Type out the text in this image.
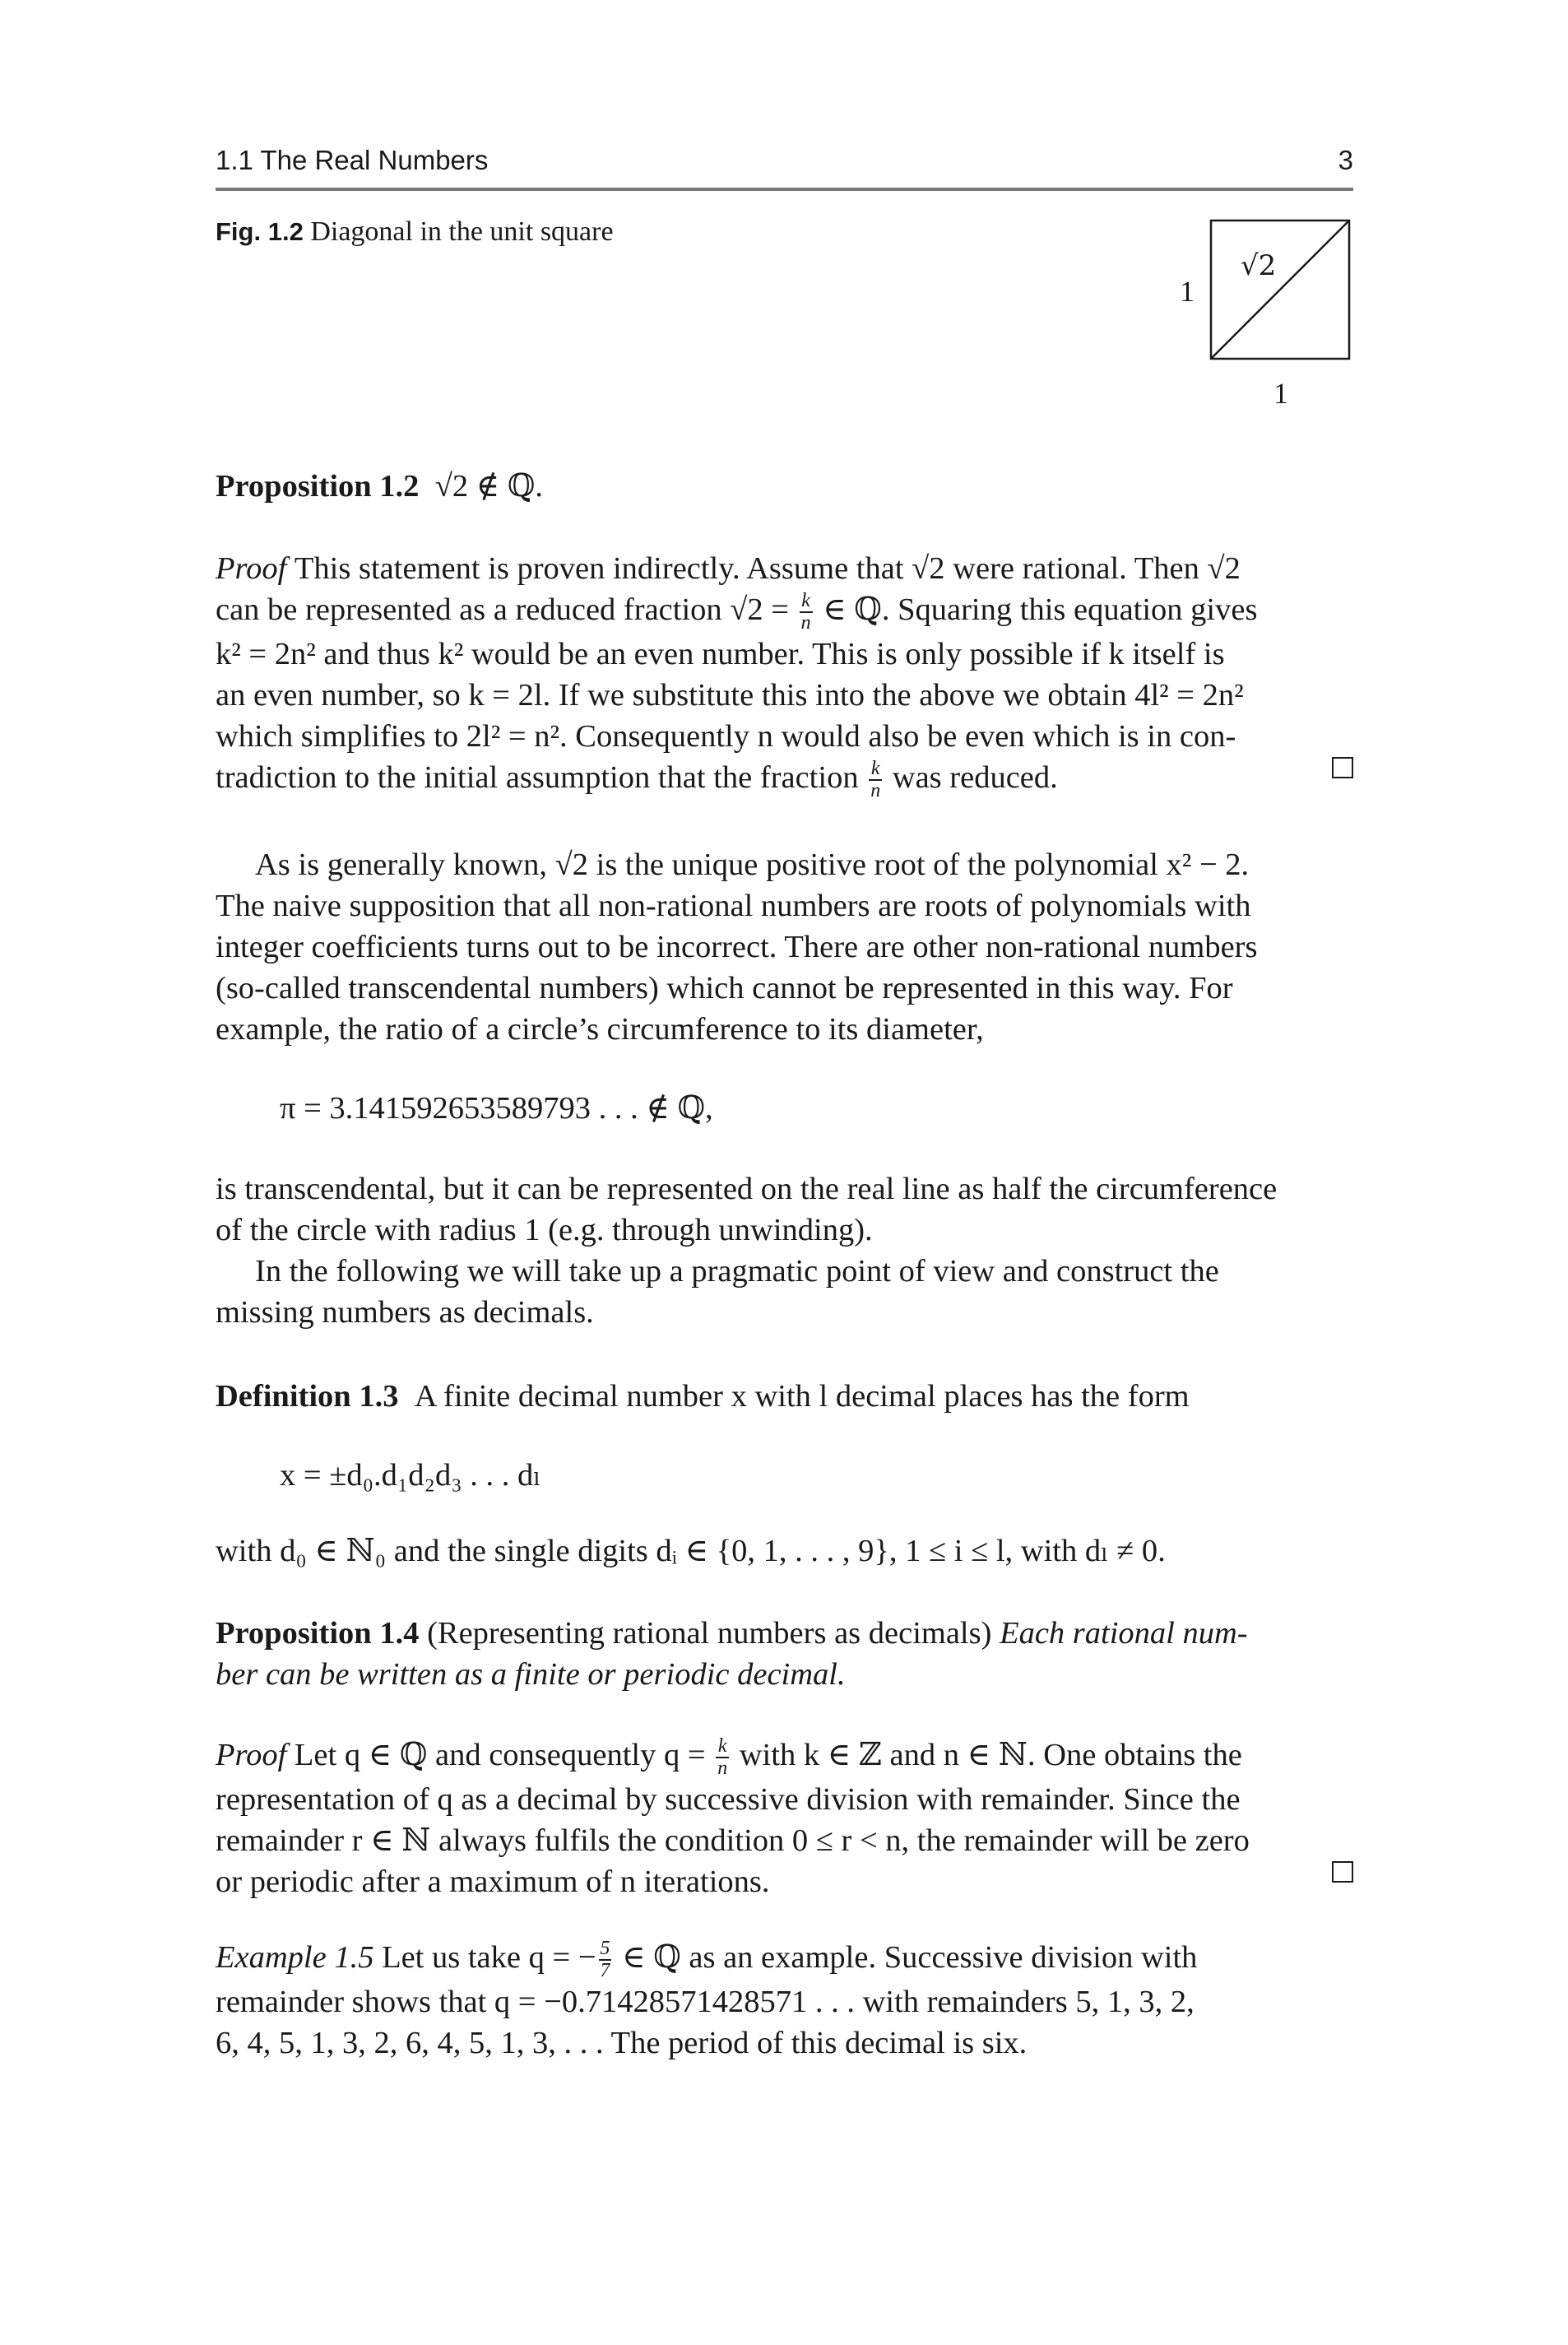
1.1 The Real Numbers	3
Fig. 1.2 Diagonal in the unit square
1
1
√2
Proposition 1.2 √2 ∉ ℚ.
Proof This statement is proven indirectly. Assume that √2 were rational. Then √2
can be represented as a reduced fraction $√2 = \frac{k}{n}$ ∈ ℚ. Squaring this equation gives
k² = 2n² and thus k² would be an even number. This is only possible if k itself is
an even number, so k = 2l. If we substitute this into the above we obtain 4l² = 2n²
which simplifies to 2l² = n². Consequently n would also be even which is in con-
tradiction to the initial assumption that the fraction $\frac{k}{n}$ was reduced.
As is generally known, √2 is the unique positive root of the polynomial x² − 2.
The naive supposition that all non-rational numbers are roots of polynomials with
integer coefficients turns out to be incorrect. There are other non-rational numbers
(so-called transcendental numbers) which cannot be represented in this way. For
example, the ratio of a circle’s circumference to its diameter,
π = 3.141592653589793 . . . ∉ ℚ,
is transcendental, but it can be represented on the real line as half the circumference
of the circle with radius 1 (e.g. through unwinding).
In the following we will take up a pragmatic point of view and construct the
missing numbers as decimals.
Definition 1.3 A finite decimal number x with l decimal places has the form
x = ±d₀.d₁d₂d₃ . . . dₗ
with d₀ ∈ ℕ₀ and the single digits dᵢ ∈ {0, 1, . . . , 9}, 1 ≤ i ≤ l, with dₗ ≠ 0.
Proposition 1.4 (Representing rational numbers as decimals) Each rational num-
ber can be written as a finite or periodic decimal.
Proof Let q ∈ ℚ and consequently $q = \frac{k}{n}$ with k ∈ ℤ and n ∈ ℕ. One obtains the
representation of q as a decimal by successive division with remainder. Since the
remainder r ∈ ℕ always fulfils the condition 0 ≤ r < n, the remainder will be zero
or periodic after a maximum of n iterations.
Example 1.5 Let us take q = − $\frac{5}{7}$ ∈ ℚ as an example. Successive division with
remainder shows that q = −0.71428571428571 . . . with remainders 5, 1, 3, 2,
6, 4, 5, 1, 3, 2, 6, 4, 5, 1, 3, . . . The period of this decimal is six.
